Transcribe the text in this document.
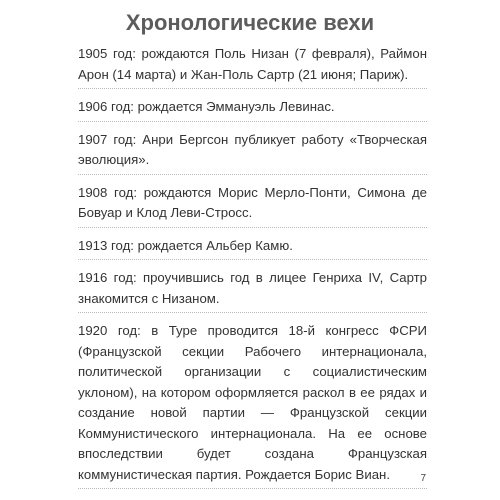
Хронологические вехи

1905 год: рождаются Поль Низан (7 февраля), Раймон Арон (14 марта) и Жан-Поль Сартр (21 июня; Париж).

1906 год: рождается Эммануэль Левинас.

1907 год: Анри Бергсон публикует работу «Творческая эволюция».

1908 год: рождаются Морис Мерло-Понти, Симона де Бовуар и Клод Леви-Стросс.

1913 год: рождается Альбер Камю.

1916 год: проучившись год в лицее Генриха IV, Сартр знакомится с Низаном.

1920 год: в Туре проводится 18-й конгресс ФСРИ (Французской секции Рабочего интернационала, политической организации с социалистическим уклоном), на котором оформляется раскол в ее рядах и создание новой партии — Французской секции Коммунистического интернационала. На ее основе впоследствии будет создана Французская коммунистическая партия. Рождается Борис Виан.	7
